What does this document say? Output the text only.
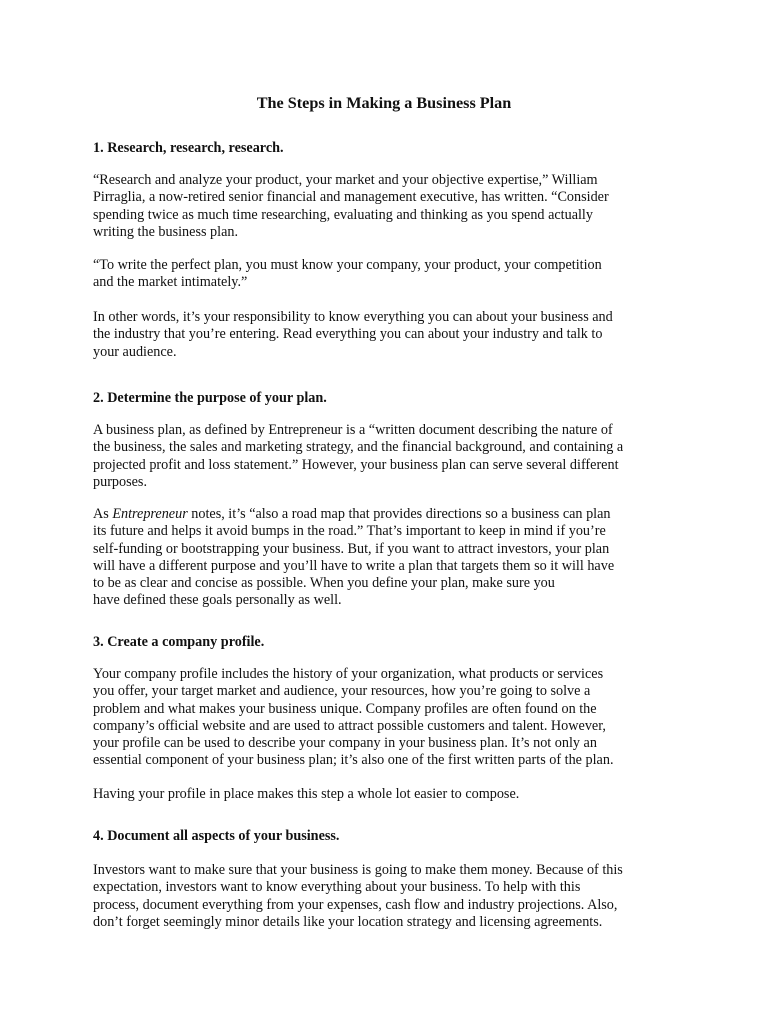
The Steps in Making a Business Plan
1. Research, research, research.

“Research and analyze your product, your market and your objective expertise,” William
Pirraglia, a now-retired senior financial and management executive, has written. “Consider
spending twice as much time researching, evaluating and thinking as you spend actually
writing the business plan.

“To write the perfect plan, you must know your company, your product, your competition
and the market intimately.”

In other words, it’s your responsibility to know everything you can about your business and
the industry that you’re entering. Read everything you can about your industry and talk to
your audience.

2. Determine the purpose of your plan.

A business plan, as defined by Entrepreneur is a “written document describing the nature of
the business, the sales and marketing strategy, and the financial background, and containing a
projected profit and loss statement.” However, your business plan can serve several different
purposes.

As Entrepreneur notes, it’s “also a road map that provides directions so a business can plan
its future and helps it avoid bumps in the road.” That’s important to keep in mind if you’re
self-funding or bootstrapping your business. But, if you want to attract investors, your plan
will have a different purpose and you’ll have to write a plan that targets them so it will have
to be as clear and concise as possible. When you define your plan, make sure you
have defined these goals personally as well.

3. Create a company profile.

Your company profile includes the history of your organization, what products or services
you offer, your target market and audience, your resources, how you’re going to solve a
problem and what makes your business unique. Company profiles are often found on the
company’s official website and are used to attract possible customers and talent. However,
your profile can be used to describe your company in your business plan. It’s not only an
essential component of your business plan; it’s also one of the first written parts of the plan.

Having your profile in place makes this step a whole lot easier to compose.

4. Document all aspects of your business.

Investors want to make sure that your business is going to make them money. Because of this
expectation, investors want to know everything about your business. To help with this
process, document everything from your expenses, cash flow and industry projections. Also,
don’t forget seemingly minor details like your location strategy and licensing agreements.
